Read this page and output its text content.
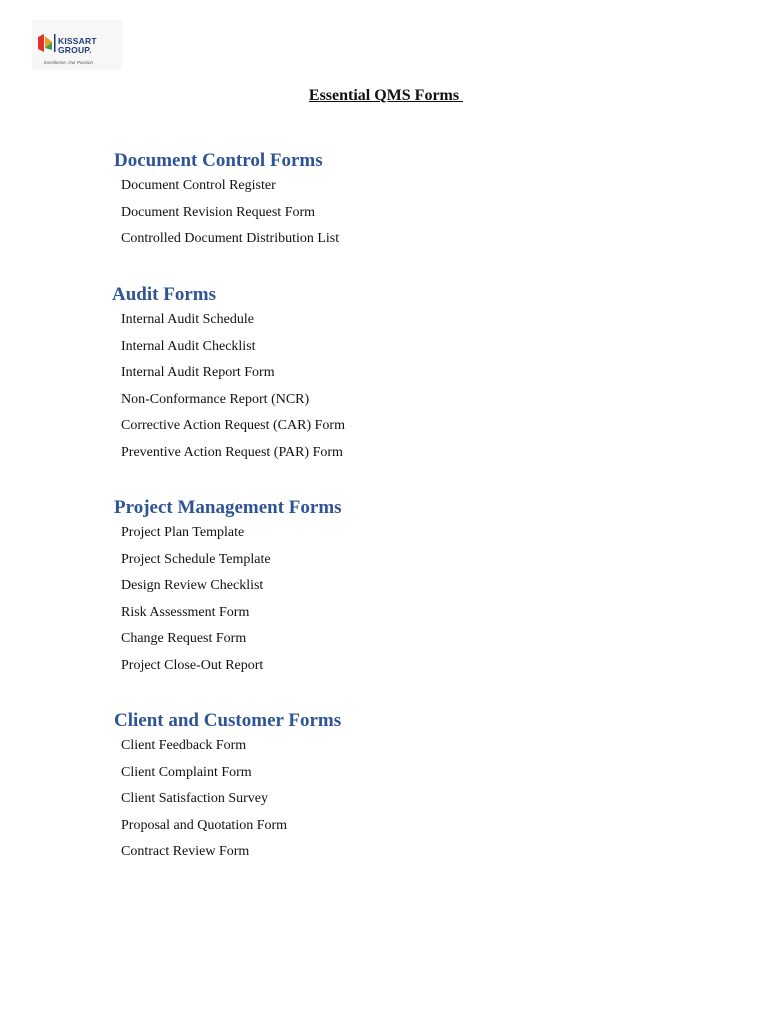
KISSART
GROUP.
Excellence, Our Passion
Essential QMS Forms
Document Control Forms
Document Control Register
Document Revision Request Form
Controlled Document Distribution List
Audit Forms
Internal Audit Schedule
Internal Audit Checklist
Internal Audit Report Form
Non-Conformance Report (NCR)
Corrective Action Request (CAR) Form
Preventive Action Request (PAR) Form
Project Management Forms
Project Plan Template
Project Schedule Template
Design Review Checklist
Risk Assessment Form
Change Request Form
Project Close-Out Report
Client and Customer Forms
Client Feedback Form
Client Complaint Form
Client Satisfaction Survey
Proposal and Quotation Form
Contract Review Form
